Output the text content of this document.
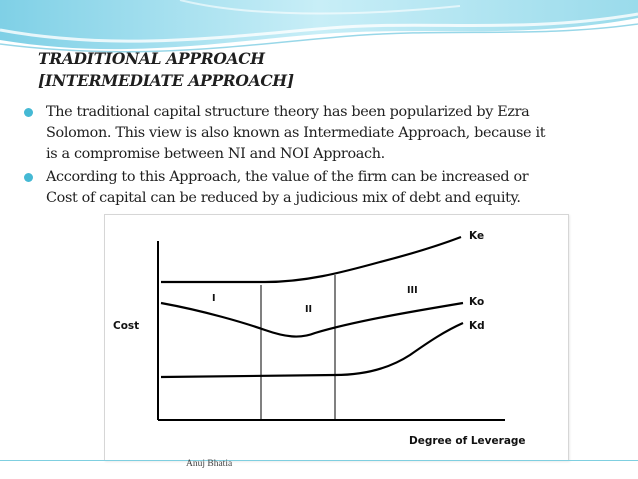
TRADITIONAL APPROACH
[INTERMEDIATE APPROACH]
The traditional capital structure theory has been popularized by Ezra
Solomon. This view is also known as Intermediate Approach, because it
is a compromise between NI and NOI Approach.
According to this Approach, the value of the firm can be increased or
Cost of capital can be reduced by a judicious mix of debt and equity.
Ke
Ko
Kd
I
II
III
Cost
Degree of Leverage
Anuj Bhatia
